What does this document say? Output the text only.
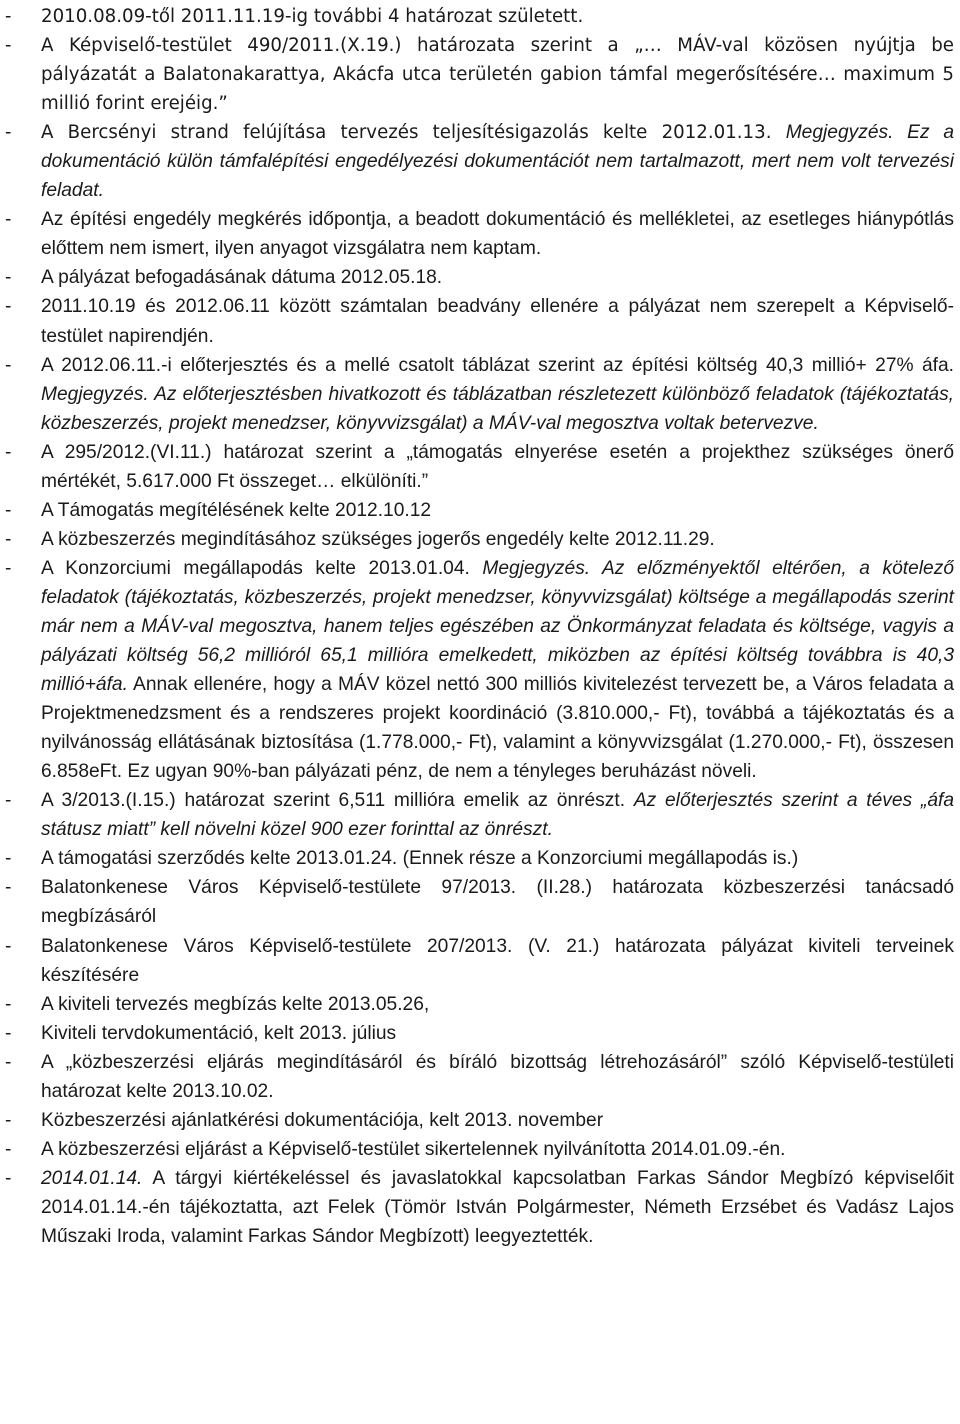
- 2010.08.09-től 2011.11.19-ig további 4 határozat született.
- A Képviselő-testület 490/2011.(X.19.) határozata szerint a „… MÁV-val közösen nyújtja be pályázatát a Balatonakarattya, Akácfa utca területén gabion támfal megerősítésére… maximum 5 millió forint erejéig.”
- A Bercsényi strand felújítása tervezés teljesítésigazolás kelte 2012.01.13. Megjegyzés. Ez a dokumentáció külön támfalépítési engedélyezési dokumentációt nem tartalmazott, mert nem volt tervezési feladat.
- Az építési engedély megkérés időpontja, a beadott dokumentáció és mellékletei, az esetleges hiánypótlás előttem nem ismert, ilyen anyagot vizsgálatra nem kaptam.
- A pályázat befogadásának dátuma 2012.05.18.
- 2011.10.19 és 2012.06.11 között számtalan beadvány ellenére a pályázat nem szerepelt a Képviselő-testület napirendjén.
- A 2012.06.11.-i előterjesztés és a mellé csatolt táblázat szerint az építési költség 40,3 millió+ 27% áfa. Megjegyzés. Az előterjesztésben hivatkozott és táblázatban részletezett különböző feladatok (tájékoztatás, közbeszerzés, projekt menedzser, könyvvizsgálat) a MÁV-val megosztva voltak betervezve.
- A 295/2012.(VI.11.) határozat szerint a „támogatás elnyerése esetén a projekthez szükséges önerő mértékét, 5.617.000 Ft összeget… elkülöníti.”
- A Támogatás megítélésének kelte 2012.10.12
- A közbeszerzés megindításához szükséges jogerős engedély kelte 2012.11.29.
- A Konzorciumi megállapodás kelte 2013.01.04. Megjegyzés. Az előzményektől eltérően, a kötelező feladatok (tájékoztatás, közbeszerzés, projekt menedzser, könyvvizsgálat) költsége a megállapodás szerint már nem a MÁV-val megosztva, hanem teljes egészében az Önkormányzat feladata és költsége, vagyis a pályázati költség 56,2 millióról 65,1 millióra emelkedett, miközben az építési költség továbbra is 40,3 millió+áfa. Annak ellenére, hogy a MÁV közel nettó 300 milliós kivitelezést tervezett be, a Város feladata a Projektmenedzsment és a rendszeres projekt koordináció (3.810.000,- Ft), továbbá a tájékoztatás és a nyilvánosság ellátásának biztosítása (1.778.000,- Ft), valamint a könyvvizsgálat (1.270.000,- Ft), összesen 6.858eFt. Ez ugyan 90%-ban pályázati pénz, de nem a tényleges beruházást növeli.
- A 3/2013.(I.15.) határozat szerint 6,511 millióra emelik az önrészt. Az előterjesztés szerint a téves „áfa státusz miatt” kell növelni közel 900 ezer forinttal az önrészt.
- A támogatási szerződés kelte 2013.01.24. (Ennek része a Konzorciumi megállapodás is.)
- Balatonkenese Város Képviselő-testülete 97/2013. (II.28.) határozata közbeszerzési tanácsadó megbízásáról
- Balatonkenese Város Képviselő-testülete 207/2013. (V. 21.) határozata pályázat kiviteli terveinek készítésére
- A kiviteli tervezés megbízás kelte 2013.05.26,
- Kiviteli tervdokumentáció, kelt 2013. július
- A „közbeszerzési eljárás megindításáról és bíráló bizottság létrehozásáról” szóló Képviselő-testületi határozat kelte 2013.10.02.
- Közbeszerzési ajánlatkérési dokumentációja, kelt 2013. november
- A közbeszerzési eljárást a Képviselő-testület sikertelennek nyilvánította 2014.01.09.-én.
- 2014.01.14. A tárgyi kiértékeléssel és javaslatokkal kapcsolatban Farkas Sándor Megbízó képviselőit 2014.01.14.-én tájékoztatta, azt Felek (Tömör István Polgármester, Németh Erzsébet és Vadász Lajos Műszaki Iroda, valamint Farkas Sándor Megbízott) leegyeztették.
